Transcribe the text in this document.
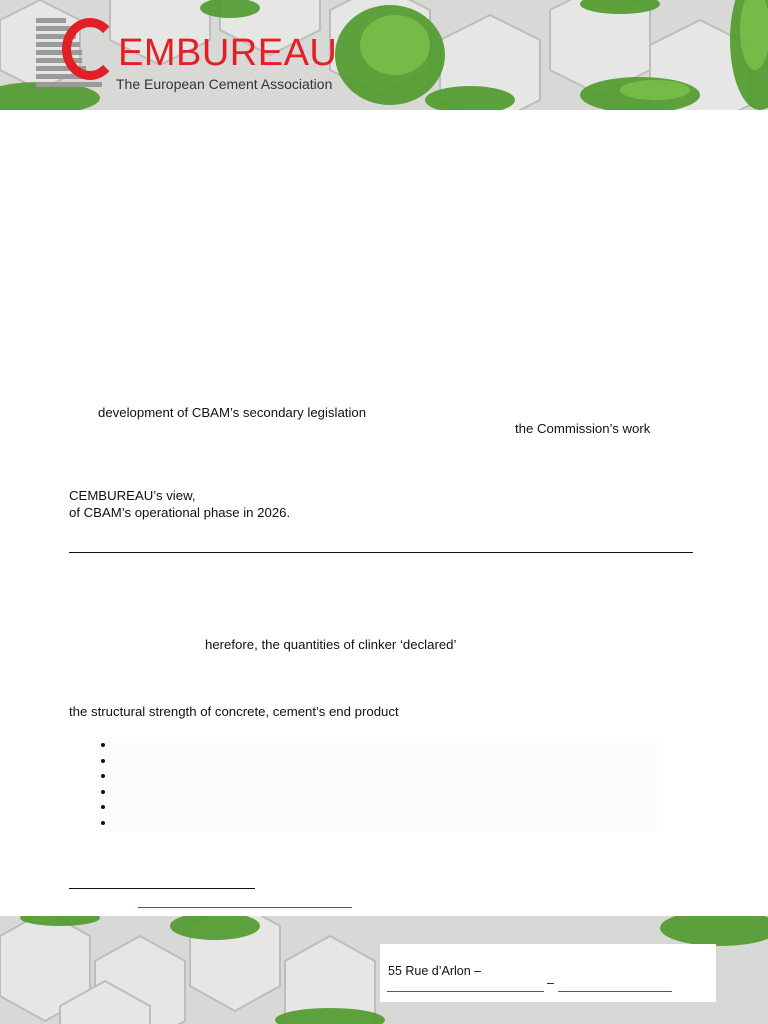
EMBUREAU
The European Cement Association
development of CBAM’s secondary legislation
the Commission’s work
CEMBUREAU’s view,
of CBAM’s operational phase in 2026.
herefore, the quantities of clinker ‘declared’
the structural strength of concrete, cement’s end product
55 Rue d’Arlon –
–
